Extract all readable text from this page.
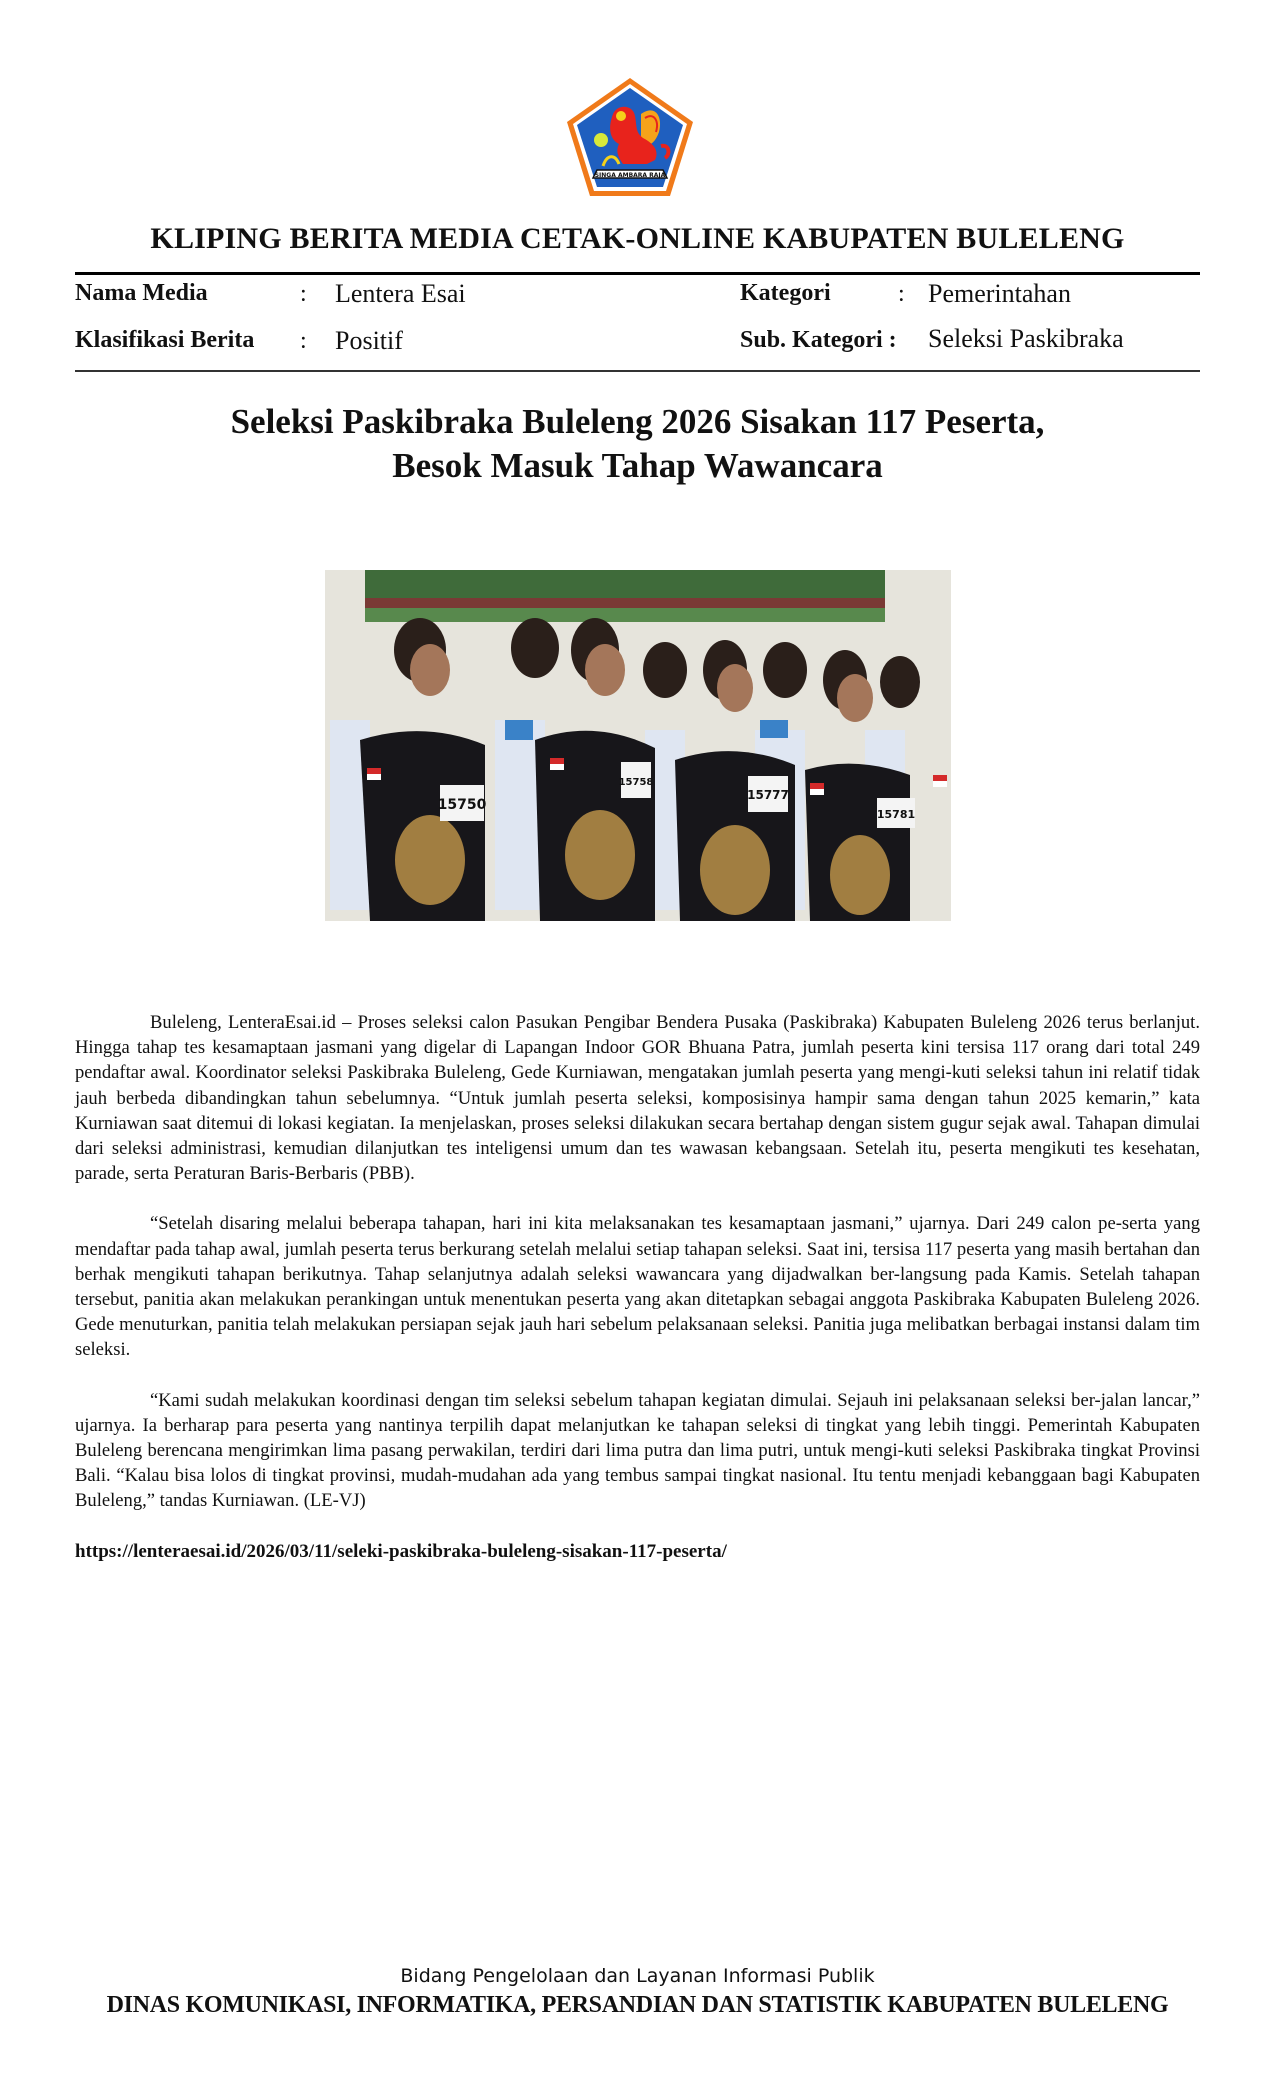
SINGA AMBARA RAJA
KLIPING BERITA MEDIA CETAK-ONLINE KABUPATEN BULELENG
Nama Media	: Lentera Esai
Klasifikasi Berita : Positif
Kategori	: Pemerintahan
Sub. Kategori : Seleksi Paskibraka
Seleksi Paskibraka Buleleng 2026 Sisakan 117 Peserta,
Besok Masuk Tahap Wawancara
15750
15758
15777
15781

Buleleng, LenteraEsai.id – Proses seleksi calon Pasukan Pengibar Bendera Pusaka (Paskibraka) Kabupaten Buleleng 2026 terus berlanjut. Hingga tahap tes kesamaptaan jasmani yang digelar di Lapangan Indoor GOR Bhuana Patra, jumlah peserta kini tersisa 117 orang dari total 249 pendaftar awal. Koordinator seleksi Paskibraka Buleleng, Gede Kurniawan, mengatakan jumlah peserta yang mengi-kuti seleksi tahun ini relatif tidak jauh berbeda dibandingkan tahun sebelumnya. “Untuk jumlah peserta seleksi, komposisinya hampir sama dengan tahun 2025 kemarin,” kata Kurniawan saat ditemui di lokasi kegiatan. Ia menjelaskan, proses seleksi dilakukan secara bertahap dengan sistem gugur sejak awal. Tahapan dimulai dari seleksi administrasi, kemudian dilanjutkan tes inteligensi umum dan tes wawasan kebangsaan. Setelah itu, peserta mengikuti tes kesehatan, parade, serta Peraturan Baris-Berbaris (PBB).

“Setelah disaring melalui beberapa tahapan, hari ini kita melaksanakan tes kesamaptaan jasmani,” ujarnya. Dari 249 calon pe-serta yang mendaftar pada tahap awal, jumlah peserta terus berkurang setelah melalui setiap tahapan seleksi. Saat ini, tersisa 117 peserta yang masih bertahan dan berhak mengikuti tahapan berikutnya. Tahap selanjutnya adalah seleksi wawancara yang dijadwalkan ber-langsung pada Kamis. Setelah tahapan tersebut, panitia akan melakukan perankingan untuk menentukan peserta yang akan ditetapkan sebagai anggota Paskibraka Kabupaten Buleleng 2026. Gede menuturkan, panitia telah melakukan persiapan sejak jauh hari sebelum pelaksanaan seleksi. Panitia juga melibatkan berbagai instansi dalam tim seleksi.

“Kami sudah melakukan koordinasi dengan tim seleksi sebelum tahapan kegiatan dimulai. Sejauh ini pelaksanaan seleksi ber-jalan lancar,” ujarnya. Ia berharap para peserta yang nantinya terpilih dapat melanjutkan ke tahapan seleksi di tingkat yang lebih tinggi. Pemerintah Kabupaten Buleleng berencana mengirimkan lima pasang perwakilan, terdiri dari lima putra dan lima putri, untuk mengi-kuti seleksi Paskibraka tingkat Provinsi Bali. “Kalau bisa lolos di tingkat provinsi, mudah-mudahan ada yang tembus sampai tingkat nasional. Itu tentu menjadi kebanggaan bagi Kabupaten Buleleng,” tandas Kurniawan. (LE-VJ)

https://lenteraesai.id/2026/03/11/seleki-paskibraka-buleleng-sisakan-117-peserta/
Bidang Pengelolaan dan Layanan Informasi Publik
DINAS KOMUNIKASI, INFORMATIKA, PERSANDIAN DAN STATISTIK KABUPATEN BULELENG
